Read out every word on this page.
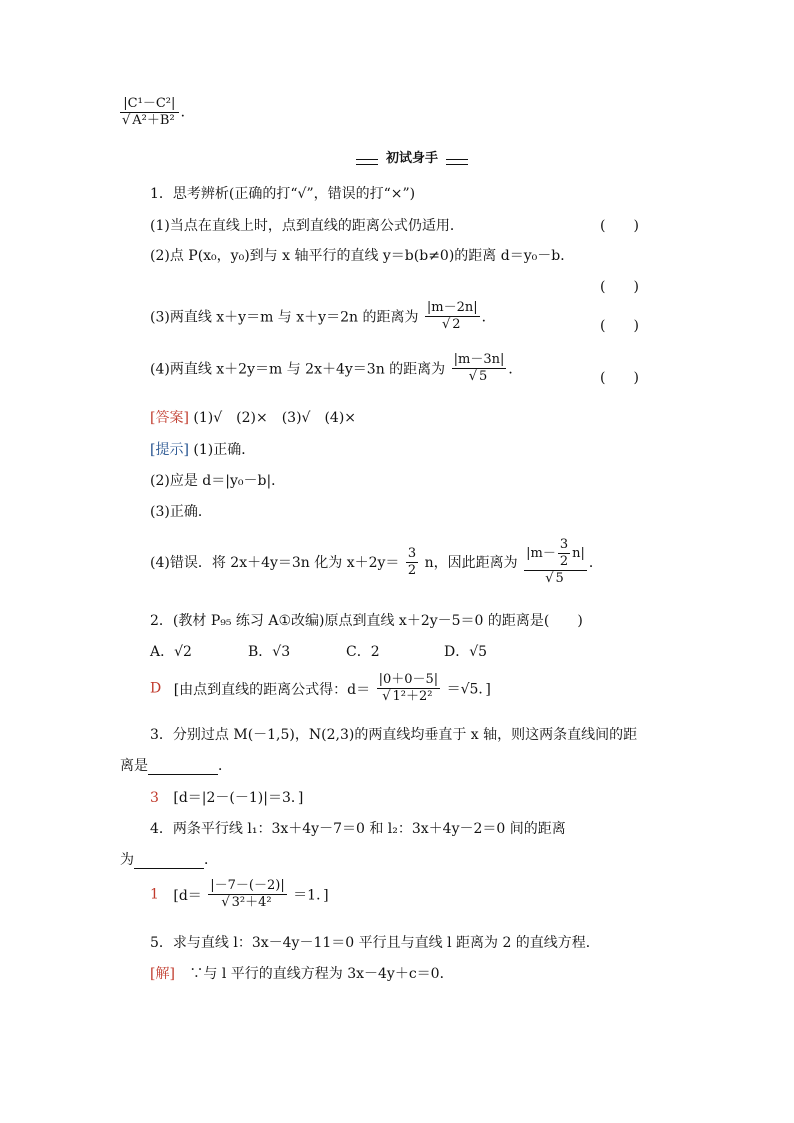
$\frac{\text{|C¹－C²|}}{\text{√ A²＋B²}}$ ．
初试身手
1．思考辨析(正确的打“√”，错误的打“×”)
(1)当点在直线上时，点到直线的距离公式仍适用．	(　　)
(2)点 P(x₀，y₀)到与 x 轴平行的直线 y＝b(b≠0)的距离 d＝y₀－b．
(　　)
(3)两直线 x＋y＝m 与 x＋y＝2n 的距离为 $\frac{|m-2n|}{√ 2}$ ．
(　　)
(4)两直线 x＋2y＝m 与 2x＋4y＝3n 的距离为 $\frac{|m-3n|}{√ 5}$ ．
(　　)
[答案] (1)√　(2)×　(3)√　(4)×
[提示] (1)正确．
(2)应是 d＝|y₀－b|．
(3)正确．
(4)错误．将 2x＋4y＝3n 化为 $x+2y= \frac{3}{2}$ n，因此距离为 $\frac{|m- \frac{3}{2} n|}{√ 5}$ ．
2．(教材 P₉₅ 练习 A①改编)原点到直线 x＋2y－5＝0 的距离是(　　)
A．√2	B．√3	C．2	D．√5
D [由点到直线的距离公式得：$d= \frac{|0+0-5|}{\text{√ 1²＋2²}} =√5$．]
3．分别过点 M(－1,5)，N(2,3)的两直线均垂直于 x 轴，则这两条直线间的距
离是	．
3 [d＝|2－(－1)|＝3．]
4．两条平行线 l₁：3x＋4y－7＝0 和 l₂：3x＋4y－2＝0 间的距离
为	．
1 [$d= \frac{|-7-(-2)|}{\text{√ 3²＋4²}} =1$．]
5．求与直线 l：3x－4y－11＝0 平行且与直线 l 距离为 2 的直线方程．
[解] ∵与 l 平行的直线方程为 3x－4y＋c＝0．
